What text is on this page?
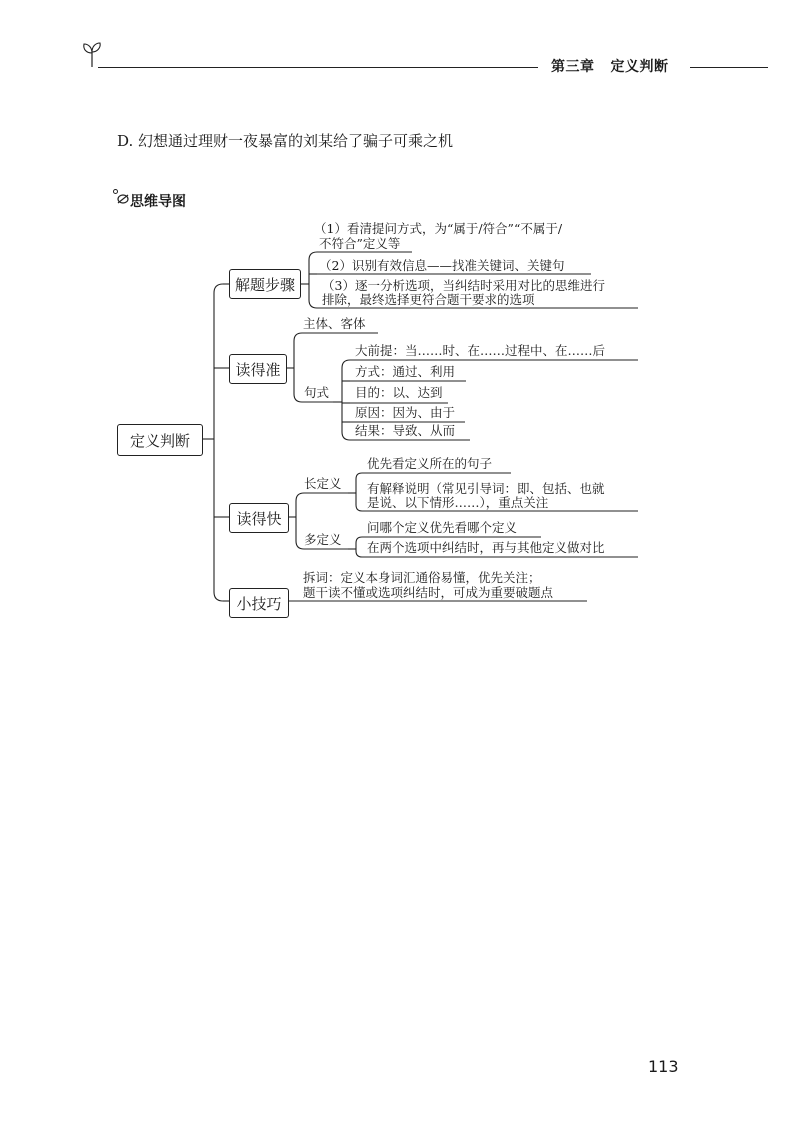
第三章 定义判断
D. 幻想通过理财一夜暴富的刘某给了骗子可乘之机
思维导图
定义判断
解题步骤
（1）看清提问方式，为“属于/符合”“不属于/
不符合”定义等
（2）识别有效信息——找准关键词、关键句
（3）逐一分析选项，当纠结时采用对比的思维进行
排除，最终选择更符合题干要求的选项
读得准
主体、客体
句式
大前提：当……时、在……过程中、在……后
方式：通过、利用
目的：以、达到
原因：因为、由于
结果：导致、从而
读得快
长定义
优先看定义所在的句子
有解释说明（常见引导词：即、包括、也就
是说、以下情形……），重点关注
多定义
问哪个定义优先看哪个定义
在两个选项中纠结时，再与其他定义做对比
小技巧
拆词：定义本身词汇通俗易懂，优先关注；
题干读不懂或选项纠结时，可成为重要破题点
113
